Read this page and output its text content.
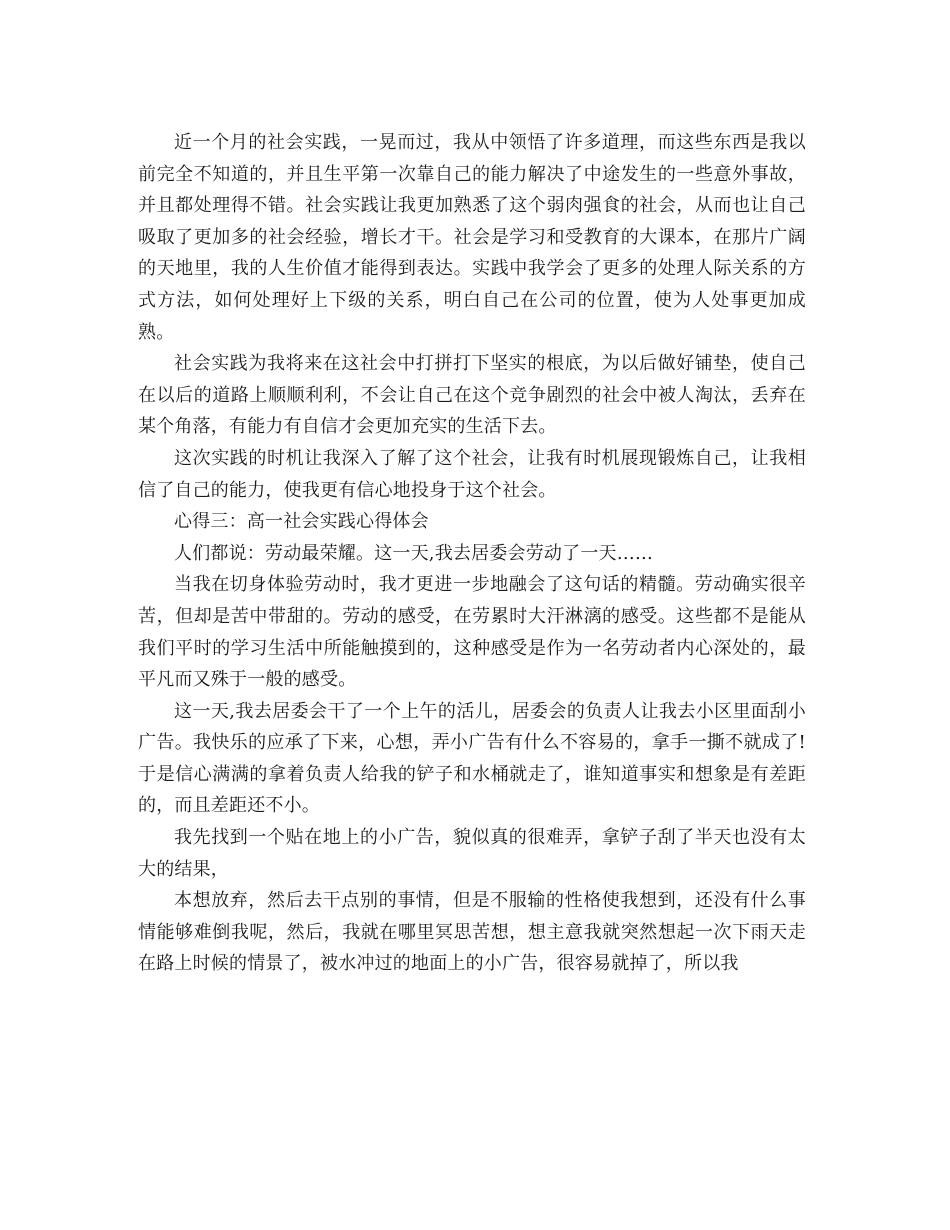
近一个月的社会实践，一晃而过，我从中领悟了许多道理，而这些东西是我以前完全不知道的，并且生平第一次靠自己的能力解决了中途发生的一些意外事故，并且都处理得不错。社会实践让我更加熟悉了这个弱肉强食的社会，从而也让自己吸取了更加多的社会经验，增长才干。社会是学习和受教育的大课本，在那片广阔的天地里，我的人生价值才能得到表达。实践中我学会了更多的处理人际关系的方式方法，如何处理好上下级的关系，明白自己在公司的位置，使为人处事更加成熟。

社会实践为我将来在这社会中打拼打下坚实的根底，为以后做好铺垫，使自己在以后的道路上顺顺利利，不会让自己在这个竞争剧烈的社会中被人淘汰，丢弃在某个角落，有能力有自信才会更加充实的生活下去。

这次实践的时机让我深入了解了这个社会，让我有时机展现锻炼自己，让我相信了自己的能力，使我更有信心地投身于这个社会。

心得三：高一社会实践心得体会

人们都说：劳动最荣耀。这一天,我去居委会劳动了一天……

当我在切身体验劳动时，我才更进一步地融会了这句话的精髓。劳动确实很辛苦，但却是苦中带甜的。劳动的感受，在劳累时大汗淋漓的感受。这些都不是能从我们平时的学习生活中所能触摸到的，这种感受是作为一名劳动者内心深处的，最平凡而又殊于一般的感受。

这一天,我去居委会干了一个上午的活儿，居委会的负责人让我去小区里面刮小广告。我快乐的应承了下来，心想，弄小广告有什么不容易的，拿手一撕不就成了!于是信心满满的拿着负责人给我的铲子和水桶就走了，谁知道事实和想象是有差距的，而且差距还不小。

我先找到一个贴在地上的小广告，貌似真的很难弄，拿铲子刮了半天也没有太大的结果，

本想放弃，然后去干点别的事情，但是不服输的性格使我想到，还没有什么事情能够难倒我呢，然后，我就在哪里冥思苦想，想主意我就突然想起一次下雨天走在路上时候的情景了，被水冲过的地面上的小广告，很容易就掉了，所以我
